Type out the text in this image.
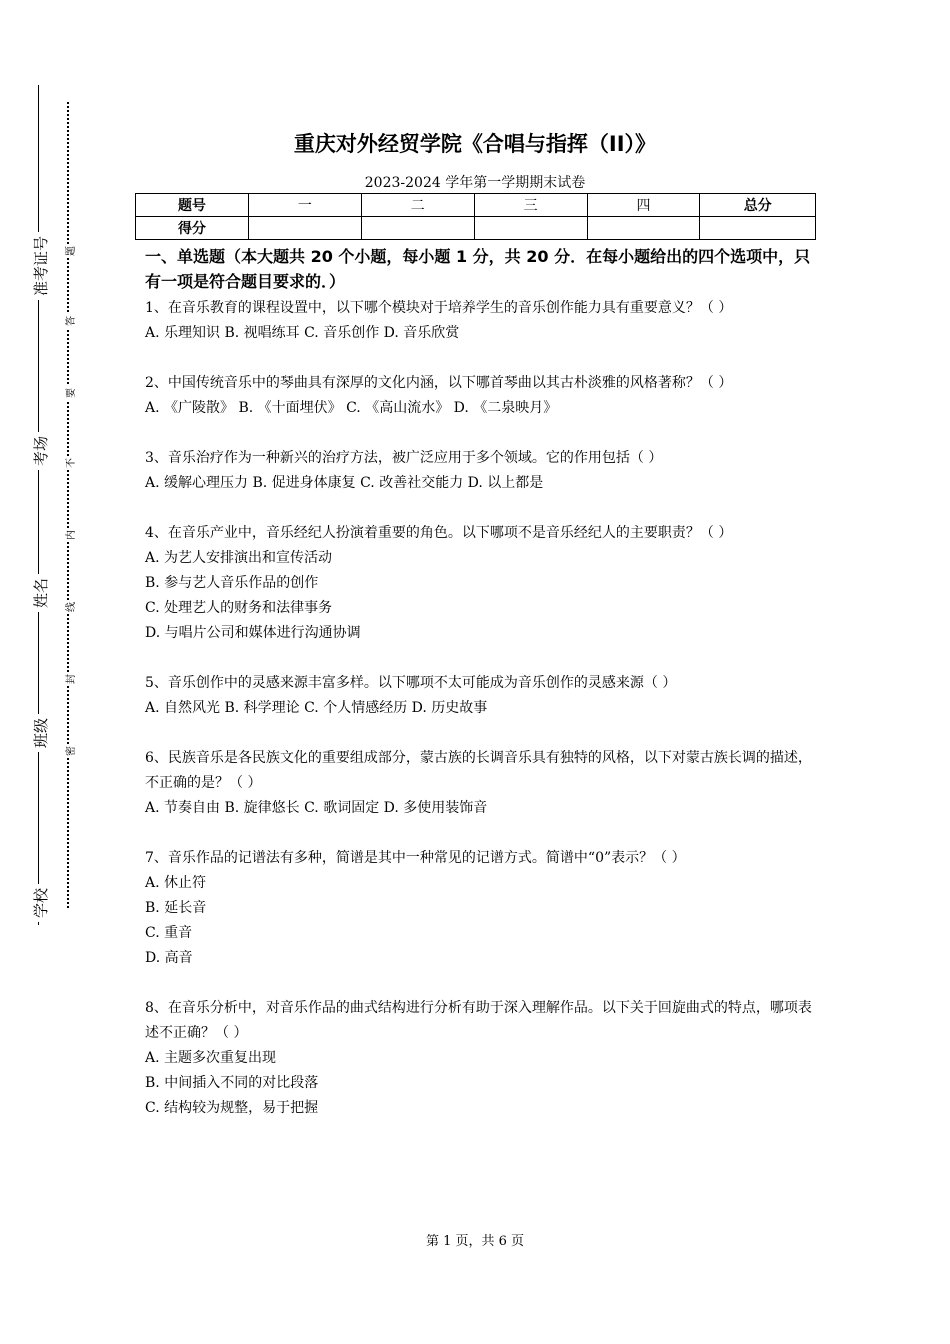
准考证号
考场
姓名
班级
学校
题
答
要
不
内
线
封
密
重庆对外经贸学院《合唱与指挥（II）》
2023-2024 学年第一学期期末试卷
题号	一	二	三	四	总分
得分					
一、单选题（本大题共 20 个小题，每小题 1 分，共 20 分．在每小题给出的四个选项中，只有一项是符合题目要求的．）

1、在音乐教育的课程设置中，以下哪个模块对于培养学生的音乐创作能力具有重要意义？（ ）

A. 乐理知识 B. 视唱练耳 C. 音乐创作 D. 音乐欣赏

2、中国传统音乐中的琴曲具有深厚的文化内涵，以下哪首琴曲以其古朴淡雅的风格著称？（ ）

A. 《广陵散》 B. 《十面埋伏》 C. 《高山流水》 D. 《二泉映月》

3、音乐治疗作为一种新兴的治疗方法，被广泛应用于多个领域。它的作用包括（ ）

A. 缓解心理压力 B. 促进身体康复 C. 改善社交能力 D. 以上都是

4、在音乐产业中，音乐经纪人扮演着重要的角色。以下哪项不是音乐经纪人的主要职责？（ ）

A. 为艺人安排演出和宣传活动

B. 参与艺人音乐作品的创作

C. 处理艺人的财务和法律事务

D. 与唱片公司和媒体进行沟通协调

5、音乐创作中的灵感来源丰富多样。以下哪项不太可能成为音乐创作的灵感来源（ ）

A. 自然风光 B. 科学理论 C. 个人情感经历 D. 历史故事

6、民族音乐是各民族文化的重要组成部分，蒙古族的长调音乐具有独特的风格，以下对蒙古族长调的描述，不正确的是？（ ）

A. 节奏自由 B. 旋律悠长 C. 歌词固定 D. 多使用装饰音

7、音乐作品的记谱法有多种，简谱是其中一种常见的记谱方式。简谱中“0”表示？（ ）

A. 休止符

B. 延长音

C. 重音

D. 高音

8、在音乐分析中，对音乐作品的曲式结构进行分析有助于深入理解作品。以下关于回旋曲式的特点，哪项表述不正确？（ ）

A. 主题多次重复出现

B. 中间插入不同的对比段落

C. 结构较为规整，易于把握

第 1 页，共 6 页
